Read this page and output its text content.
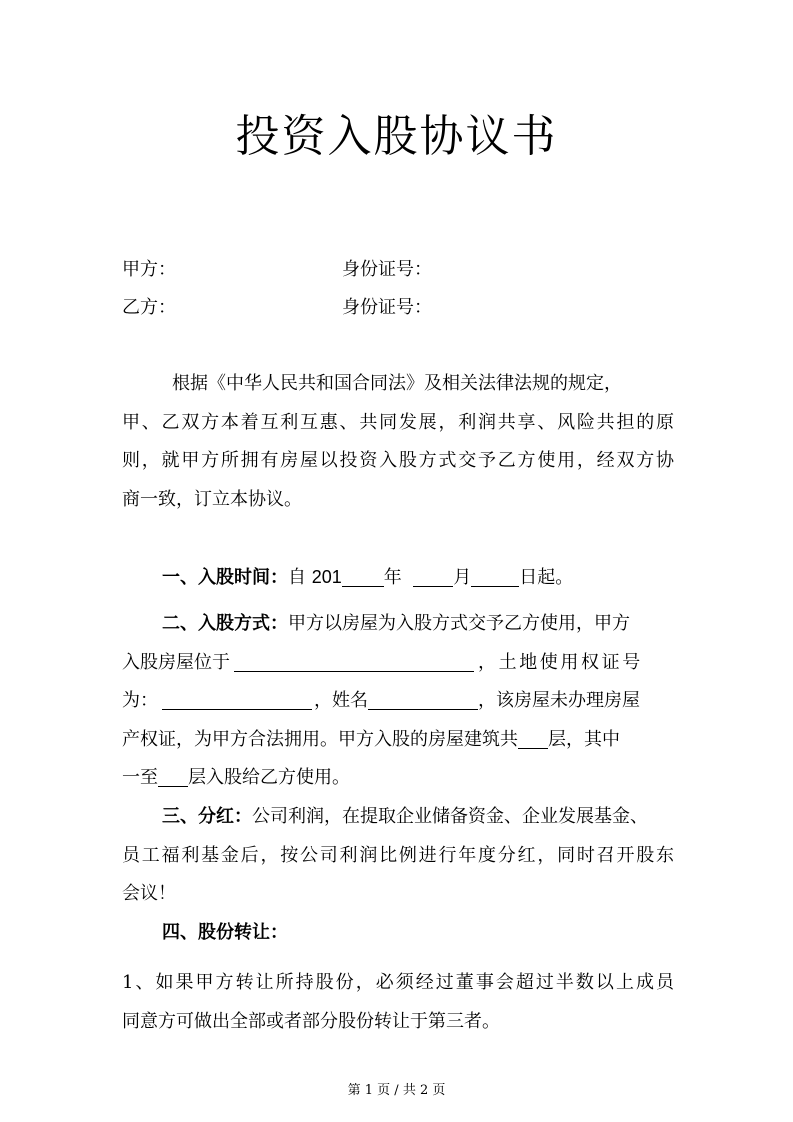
投资入股协议书
甲方：	身份证号：
乙方：	身份证号：
根据《中华人民共和国合同法》及相关法律法规的规定，
甲、乙双方本着互利互惠、共同发展，利润共享、风险共担的原
则，就甲方所拥有房屋以投资入股方式交予乙方使用，经双方协
商一致，订立本协议。
一、入股时间：自 201 年	月	日起。
二、入股方式：甲方以房屋为入股方式交予乙方使用，甲方
入股房屋位于	，土地使用权证号
为：	，姓名	，该房屋未办理房屋
产权证，为甲方合法拥用。甲方入股的房屋建筑共 层，其中
一至 层入股给乙方使用。
三、分红：公司利润，在提取企业储备资金、企业发展基金、
员工福利基金后，按公司利润比例进行年度分红，同时召开股东
会议！
四、股份转让：
1、如果甲方转让所持股份，必须经过董事会超过半数以上成员
同意方可做出全部或者部分股份转让于第三者。
第 1 页 / 共 2 页
